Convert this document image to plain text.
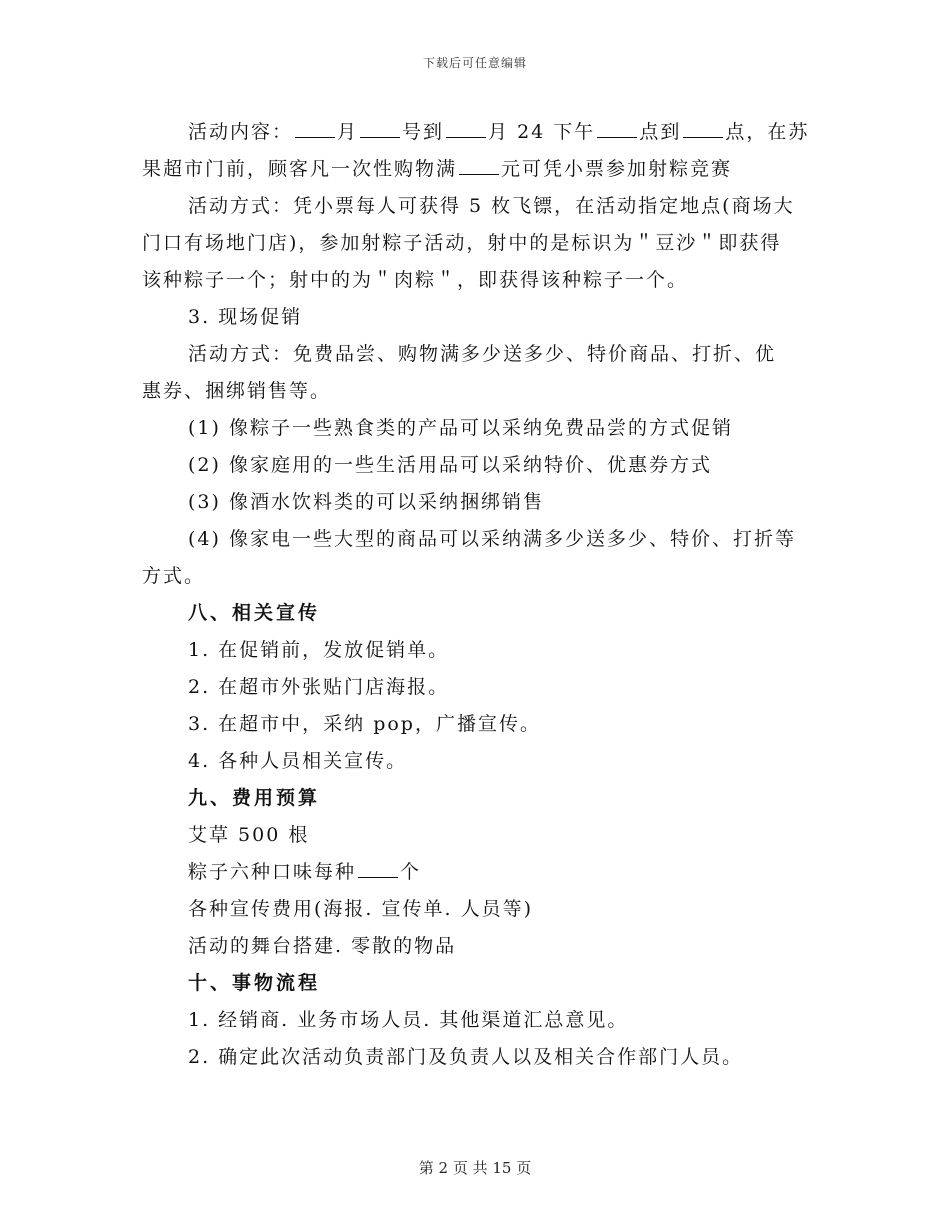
下载后可任意编辑
活动内容： 月 号到 月 24 下午 点到 点，在苏
果超市门前，顾客凡一次性购物满 元可凭小票参加射粽竞赛
活动方式：凭小票每人可获得 5 枚飞镖，在活动指定地点(商场大
门口有场地门店)，参加射粽子活动，射中的是标识为＂豆沙＂即获得
该种粽子一个；射中的为＂肉粽＂，即获得该种粽子一个。
3. 现场促销
活动方式：免费品尝、购物满多少送多少、特价商品、打折、优
惠券、捆绑销售等。
(1) 像粽子一些熟食类的产品可以采纳免费品尝的方式促销
(2) 像家庭用的一些生活用品可以采纳特价、优惠券方式
(3) 像酒水饮料类的可以采纳捆绑销售
(4) 像家电一些大型的商品可以采纳满多少送多少、特价、打折等
方式。
八、相关宣传
1. 在促销前，发放促销单。
2. 在超市外张贴门店海报。
3. 在超市中，采纳 pop，广播宣传。
4. 各种人员相关宣传。
九、费用预算
艾草 500 根
粽子六种口味每种 个
各种宣传费用(海报. 宣传单. 人员等)
活动的舞台搭建. 零散的物品
十、事物流程
1. 经销商. 业务市场人员. 其他渠道汇总意见。
2. 确定此次活动负责部门及负责人以及相关合作部门人员。
第 2 页 共 15 页
